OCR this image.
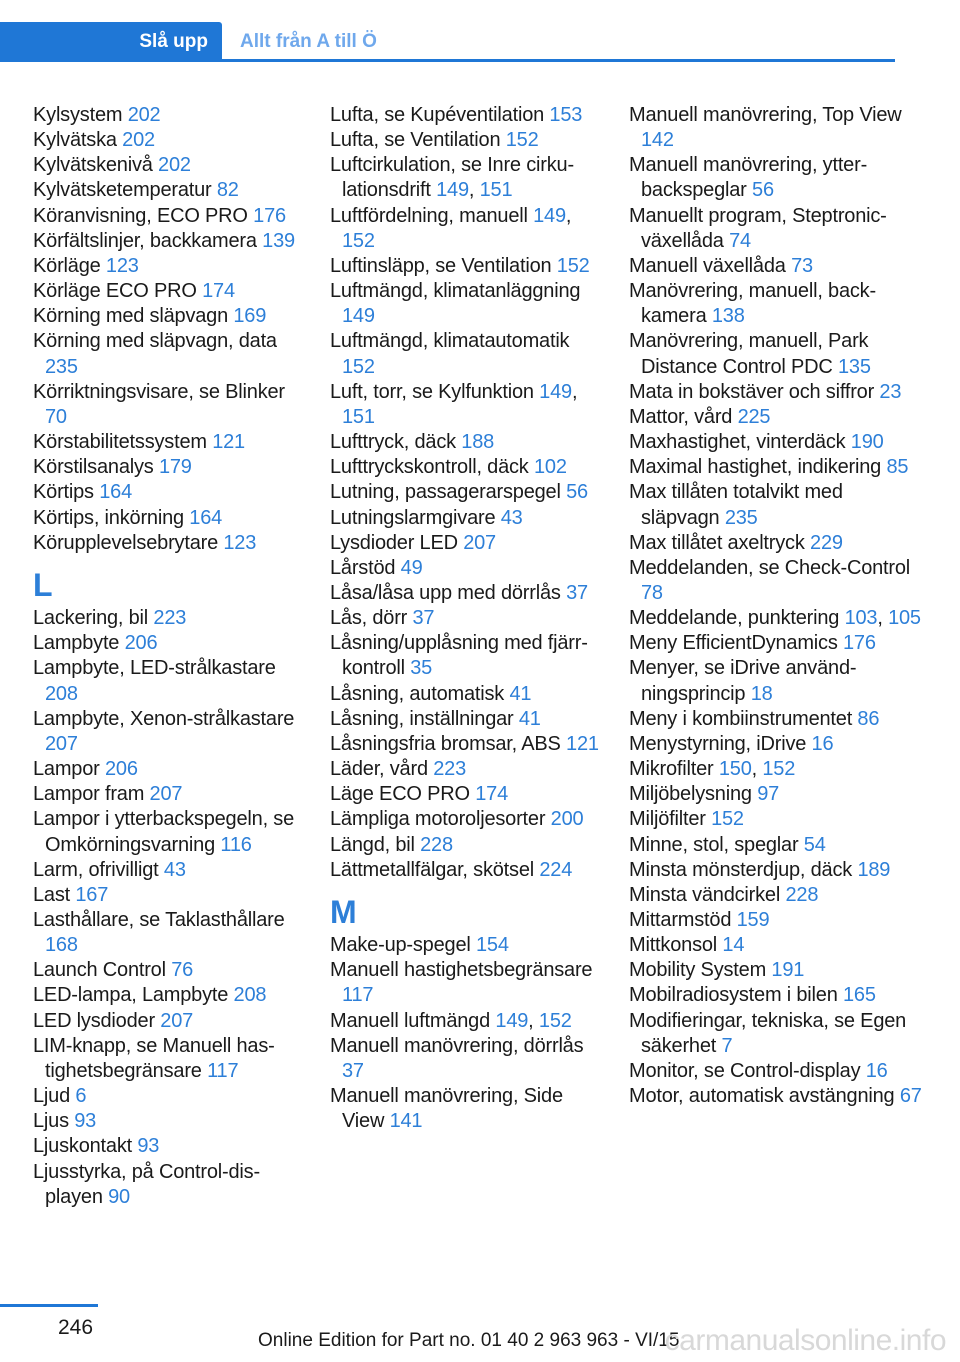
Slå upp	Allt från A till Ö
Kylsystem 202
Kylvätska 202
Kylvätskenivå 202
Kylvätsketemperatur 82
Köranvisning, ECO PRO 176
Körfältslinjer, backkamera 139
Körläge 123
Körläge ECO PRO 174
Körning med släpvagn 169
Körning med släpvagn, data 235
Körriktningsvisare, se Blinker 70
Körstabilitetssystem 121
Körstilsanalys 179
Körtips 164
Körtips, inkörning 164
Körupplevelsebrytare 123
L
Lackering, bil 223
Lampbyte 206
Lampbyte, LED-strålkastare 208
Lampbyte, Xenon-strålkastare 207
Lampor 206
Lampor fram 207
Lampor i ytterbackspegeln, se Omkörningsvarning 116
Larm, ofrivilligt 43
Last 167
Lasthållare, se Taklasthållare 168
Launch Control 76
LED-lampa, Lampbyte 208
LED lysdioder 207
LIM-knapp, se Manuell hastighetsbegränsare 117
Ljud 6
Ljus 93
Ljuskontakt 93
Ljusstyrka, på Control-displayen 90
Lufta, se Kupéventilation 153
Lufta, se Ventilation 152
Luftcirkulation, se Inre cirkulationsdrift 149, 151
Luftfördelning, manuell 149, 152
Luftinsläpp, se Ventilation 152
Luftmängd, klimatanläggning 149
Luftmängd, klimatautomatik 152
Luft, torr, se Kylfunktion 149, 151
Lufttryck, däck 188
Lufttryckskontroll, däck 102
Lutning, passagerarspegel 56
Lutningslarmgivare 43
Lysdioder LED 207
Lårstöd 49
Låsa/låsa upp med dörrlås 37
Lås, dörr 37
Låsning/upplåsning med fjärrkontroll 35
Låsning, automatisk 41
Låsning, inställningar 41
Låsningsfria bromsar, ABS 121
Läder, vård 223
Läge ECO PRO 174
Lämpliga motoroljesorter 200
Längd, bil 228
Lättmetallfälgar, skötsel 224
M
Make-up-spegel 154
Manuell hastighetsbegränsare 117
Manuell luftmängd 149, 152
Manuell manövrering, dörrlås 37
Manuell manövrering, Side View 141
Manuell manövrering, Top View 142
Manuell manövrering, ytterbackspeglar 56
Manuellt program, Steptronic-växellåda 74
Manuell växellåda 73
Manövrering, manuell, backkamera 138
Manövrering, manuell, Park Distance Control PDC 135
Mata in bokstäver och siffror 23
Mattor, vård 225
Maxhastighet, vinterdäck 190
Maximal hastighet, indikering 85
Max tillåten totalvikt med släpvagn 235
Max tillåtet axeltryck 229
Meddelanden, se Check-Control 78
Meddelande, punktering 103, 105
Meny EfficientDynamics 176
Menyer, se iDrive användningsprincip 18
Meny i kombiinstrumentet 86
Menystyrning, iDrive 16
Mikrofilter 150, 152
Miljöbelysning 97
Miljöfilter 152
Minne, stol, speglar 54
Minsta mönsterdjup, däck 189
Minsta vändcirkel 228
Mittarmstöd 159
Mittkonsol 14
Mobility System 191
Mobilradiosystem i bilen 165
Modifieringar, tekniska, se Egen säkerhet 7
Monitor, se Control-display 16
Motor, automatisk avstängning 67
246
Online Edition for Part no. 01 40 2 963 963 - VI/15
carmanualsonline.info
